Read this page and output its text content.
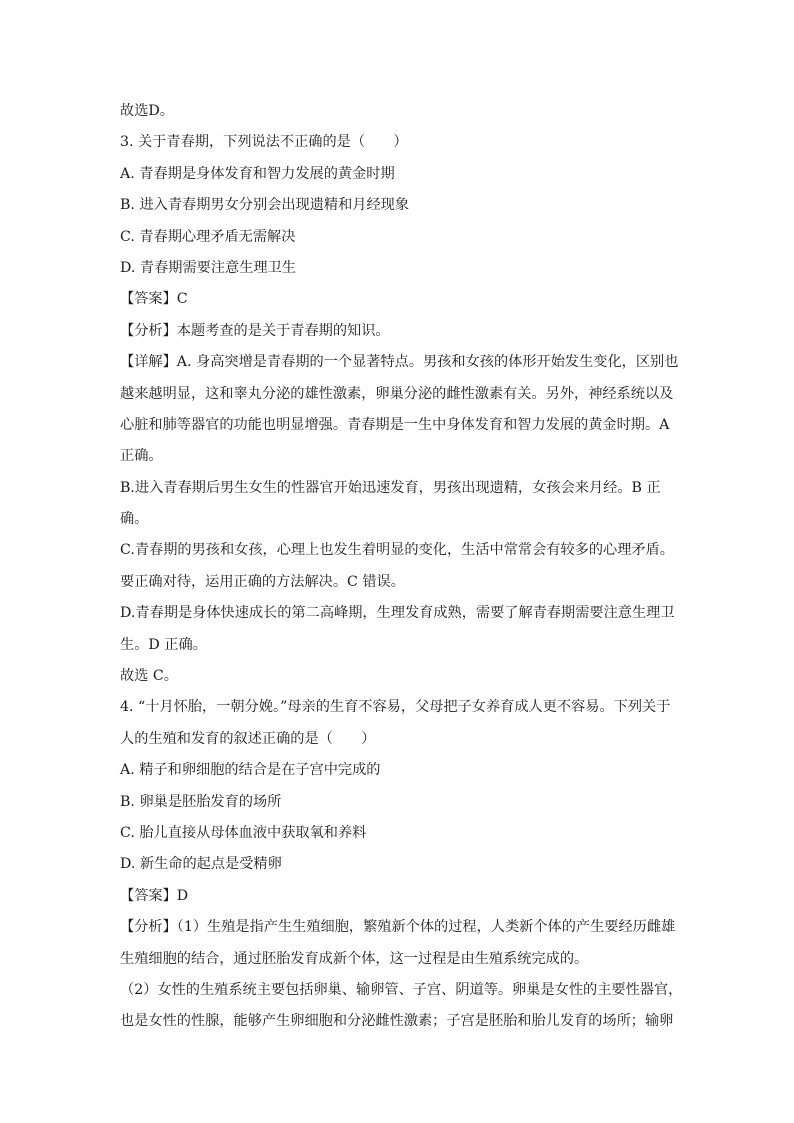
故选D。
3. 关于青春期，下列说法不正确的是（　　）
A. 青春期是身体发育和智力发展的黄金时期
B. 进入青春期男女分别会出现遗精和月经现象
C. 青春期心理矛盾无需解决
D. 青春期需要注意生理卫生
【答案】C
【分析】本题考查的是关于青春期的知识。
【详解】A. 身高突增是青春期的一个显著特点。男孩和女孩的体形开始发生变化，区别也
越来越明显，这和睾丸分泌的雄性激素，卵巢分泌的雌性激素有关。另外，神经系统以及
心脏和肺等器官的功能也明显增强。青春期是一生中身体发育和智力发展的黄金时期。A
正确。
B.进入青春期后男生女生的性器官开始迅速发育，男孩出现遗精，女孩会来月经。B 正
确。
C.青春期的男孩和女孩，心理上也发生着明显的变化，生活中常常会有较多的心理矛盾。
要正确对待，运用正确的方法解决。C 错误。
D.青春期是身体快速成长的第二高峰期，生理发育成熟，需要了解青春期需要注意生理卫
生。D 正确。
故选 C。
4. “十月怀胎，一朝分娩。”母亲的生育不容易，父母把子女养育成人更不容易。下列关于
人的生殖和发育的叙述正确的是（　　）
A. 精子和卵细胞的结合是在子宫中完成的
B. 卵巢是胚胎发育的场所
C. 胎儿直接从母体血液中获取氧和养料
D. 新生命的起点是受精卵
【答案】D
【分析】（1）生殖是指产生生殖细胞，繁殖新个体的过程，人类新个体的产生要经历雌雄
生殖细胞的结合，通过胚胎发育成新个体，这一过程是由生殖系统完成的。
（2）女性的生殖系统主要包括卵巢、输卵管、子宫、阴道等。卵巢是女性的主要性器官，
也是女性的性腺，能够产生卵细胞和分泌雌性激素；子宫是胚胎和胎儿发育的场所；输卵
